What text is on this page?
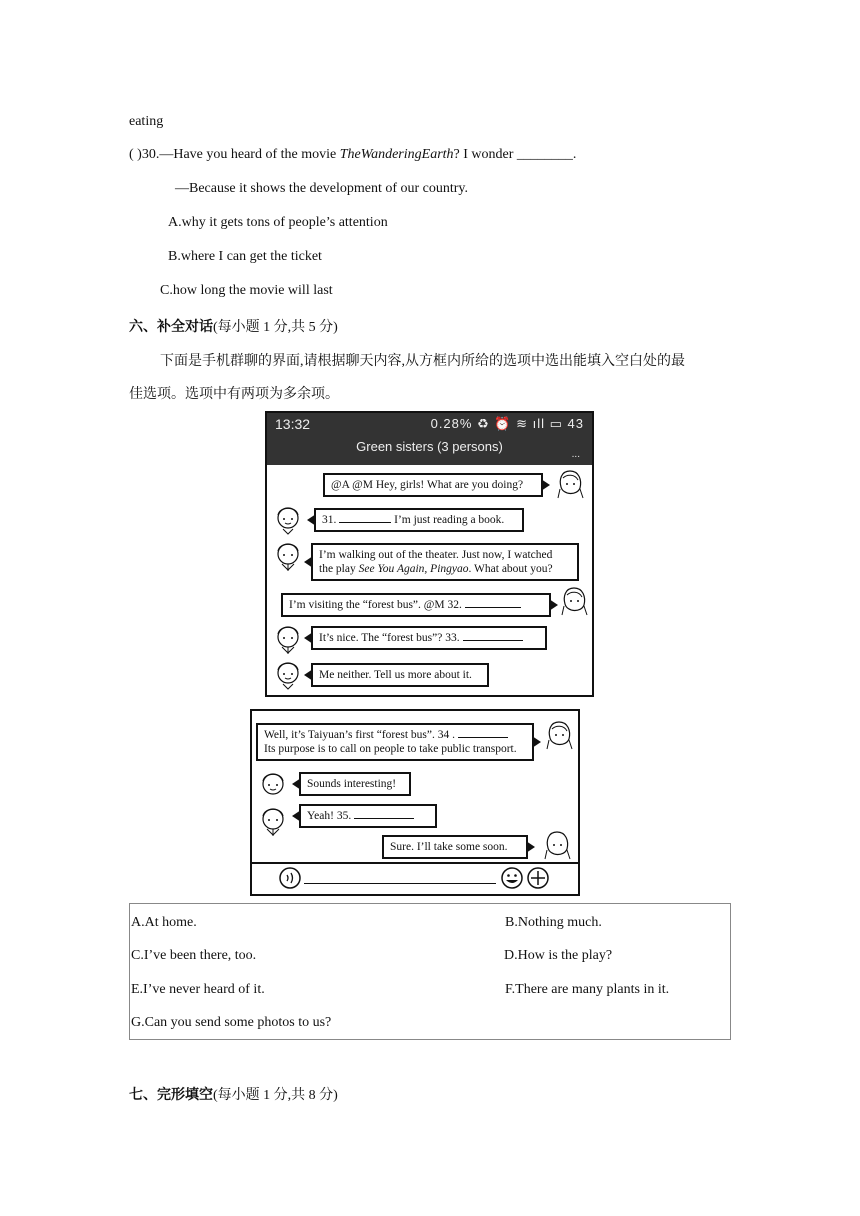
eating
( )30.—Have you heard of the movie TheWanderingEarth? I wonder ________.
—Because it shows the development of our country.
A.why it gets tons of people’s attention
B.where I can get the ticket
C.how long the movie will last
六、补全对话(每小题 1 分,共 5 分)
下面是手机群聊的界面,请根据聊天内容,从方框内所给的选项中选出能填入空白处的最
佳选项。选项中有两项为多余项。
13:32	0.28% ♻ ⏰ ≋ ıll ▭ 43
Green sisters (3 persons)
...
@A @M Hey, girls! What are you doing?
31.	I’m just reading a book.
I’m walking out of the theater. Just now, I watched
the play See You Again, Pingyao. What about you?
I’m visiting the “forest bus”. @M 32.
It’s nice. The “forest bus”? 33.
Me neither. Tell us more about it.
Well, it’s Taiyuan’s first “forest bus”. 34 .
Its purpose is to call on people to take public transport.
Sounds interesting!
Yeah! 35.
Sure. I’ll take some soon.
A.At home.	B.Nothing much.
C.I’ve been there, too.	D.How is the play?
E.I’ve never heard of it.	F.There are many plants in it.
G.Can you send some photos to us?
七、完形填空(每小题 1 分,共 8 分)
